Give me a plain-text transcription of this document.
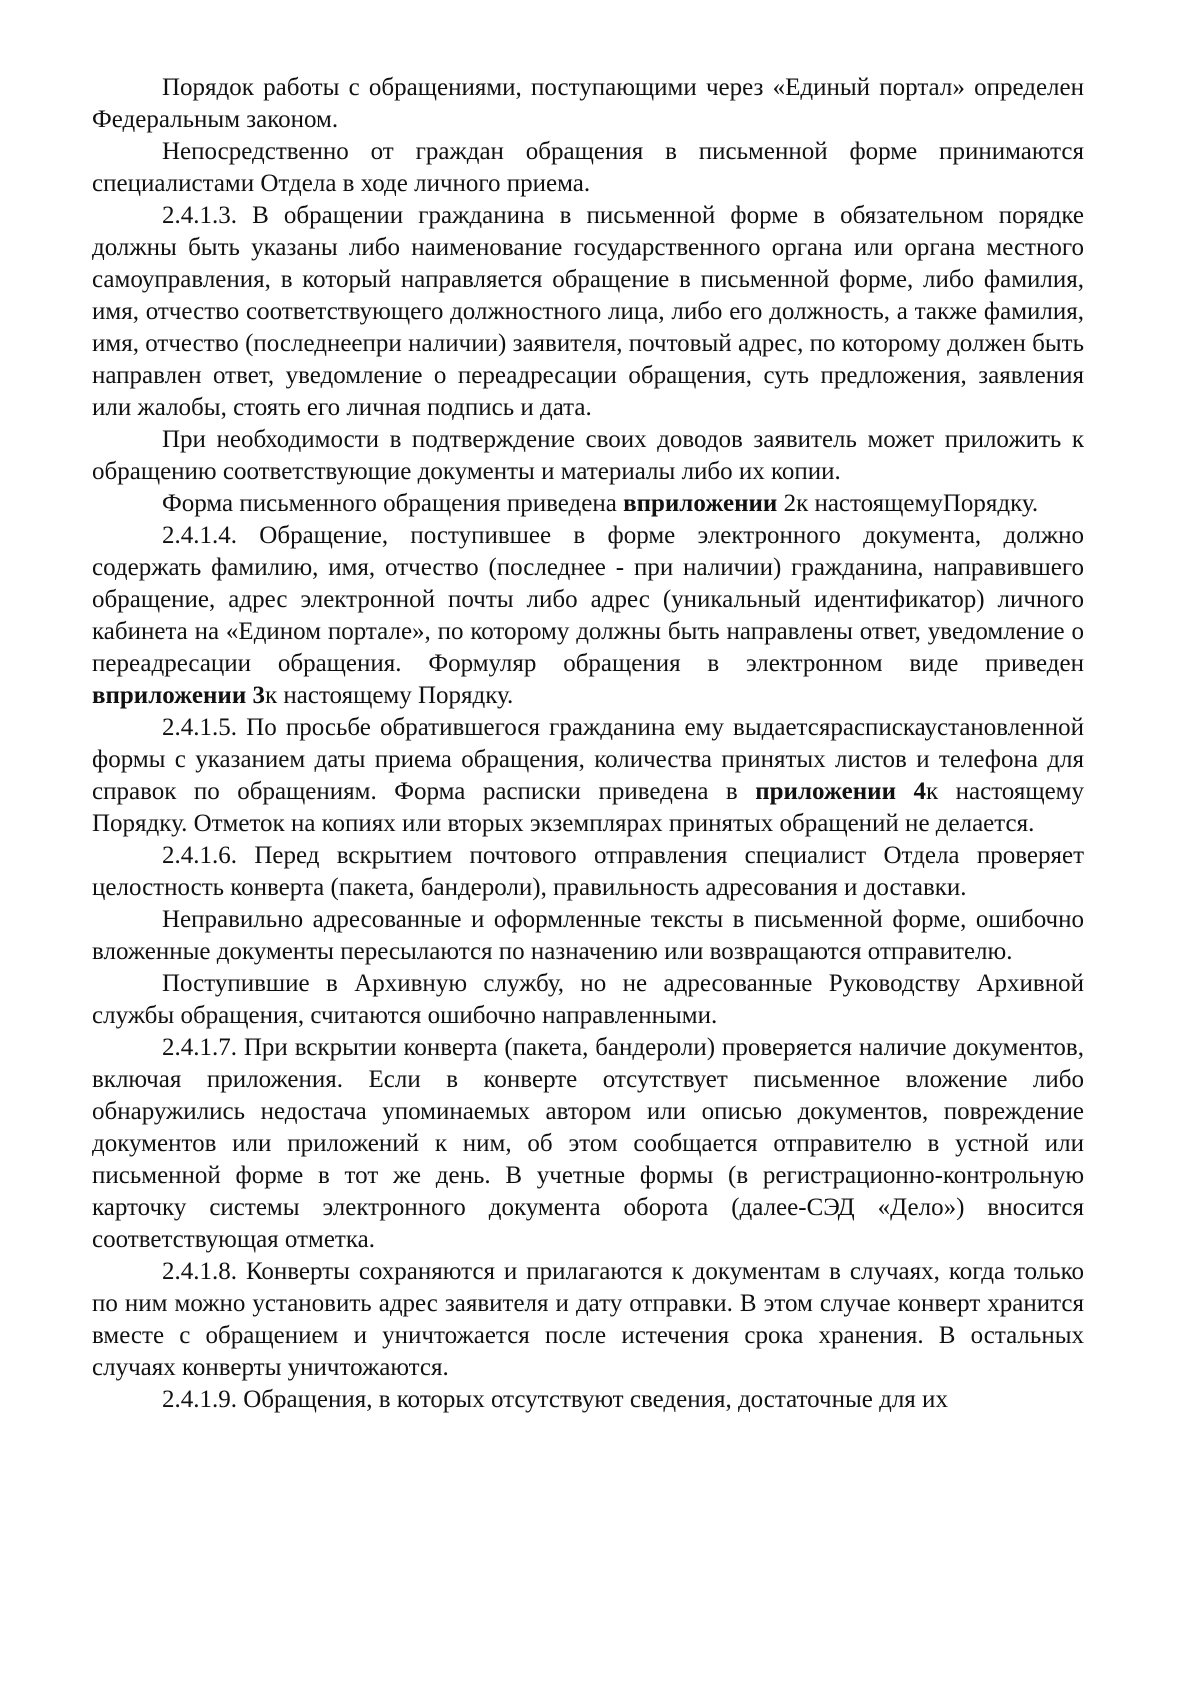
Порядок работы с обращениями, поступающими через «Единый портал» определен Федеральным законом.

Непосредственно от граждан обращения в письменной форме принимаются специалистами Отдела в ходе личного приема.

2.4.1.3. В обращении гражданина в письменной форме в обязательном порядке должны быть указаны либо наименование государственного органа или органа местного самоуправления, в который направляется обращение в письменной форме, либо фамилия, имя, отчество соответствующего должностного лица, либо его должность, а также фамилия, имя, отчество (последнеепри наличии) заявителя, почтовый адрес, по которому должен быть направлен ответ, уведомление о переадресации обращения, суть предложения, заявления или жалобы, стоять его личная подпись и дата.

При необходимости в подтверждение своих доводов заявитель может приложить к обращению соответствующие документы и материалы либо их копии.

Форма письменного обращения приведена вприложении 2к настоящемуПорядку.

2.4.1.4. Обращение, поступившее в форме электронного документа, должно содержать фамилию, имя, отчество (последнее - при наличии) гражданина, направившего обращение, адрес электронной почты либо адрес (уникальный идентификатор) личного кабинета на «Едином портале», по которому должны быть направлены ответ, уведомление о переадресации обращения. Формуляр обращения в электронном виде приведен вприложении 3к настоящему Порядку.

2.4.1.5. По просьбе обратившегося гражданина ему выдаетсяраспискаустановленной формы с указанием даты приема обращения, количества принятых листов и телефона для справок по обращениям. Форма расписки приведена в приложении 4к настоящему Порядку. Отметок на копиях или вторых экземплярах принятых обращений не делается.

2.4.1.6. Перед вскрытием почтового отправления специалист Отдела проверяет целостность конверта (пакета, бандероли), правильность адресования и доставки.

Неправильно адресованные и оформленные тексты в письменной форме, ошибочно вложенные документы пересылаются по назначению или возвращаются отправителю.

Поступившие в Архивную службу, но не адресованные Руководству Архивной службы обращения, считаются ошибочно направленными.

2.4.1.7. При вскрытии конверта (пакета, бандероли) проверяется наличие документов, включая приложения. Если в конверте отсутствует письменное вложение либо обнаружились недостача упоминаемых автором или описью документов, повреждение документов или приложений к ним, об этом сообщается отправителю в устной или письменной форме в тот же день. В учетные формы (в регистрационно-контрольную карточку системы электронного документа оборота (далее-СЭД «Дело») вносится соответствующая отметка.

2.4.1.8. Конверты сохраняются и прилагаются к документам в случаях, когда только по ним можно установить адрес заявителя и дату отправки. В этом случае конверт хранится вместе с обращением и уничтожается после истечения срока хранения. В остальных случаях конверты уничтожаются.

2.4.1.9. Обращения, в которых отсутствуют сведения, достаточные для их
